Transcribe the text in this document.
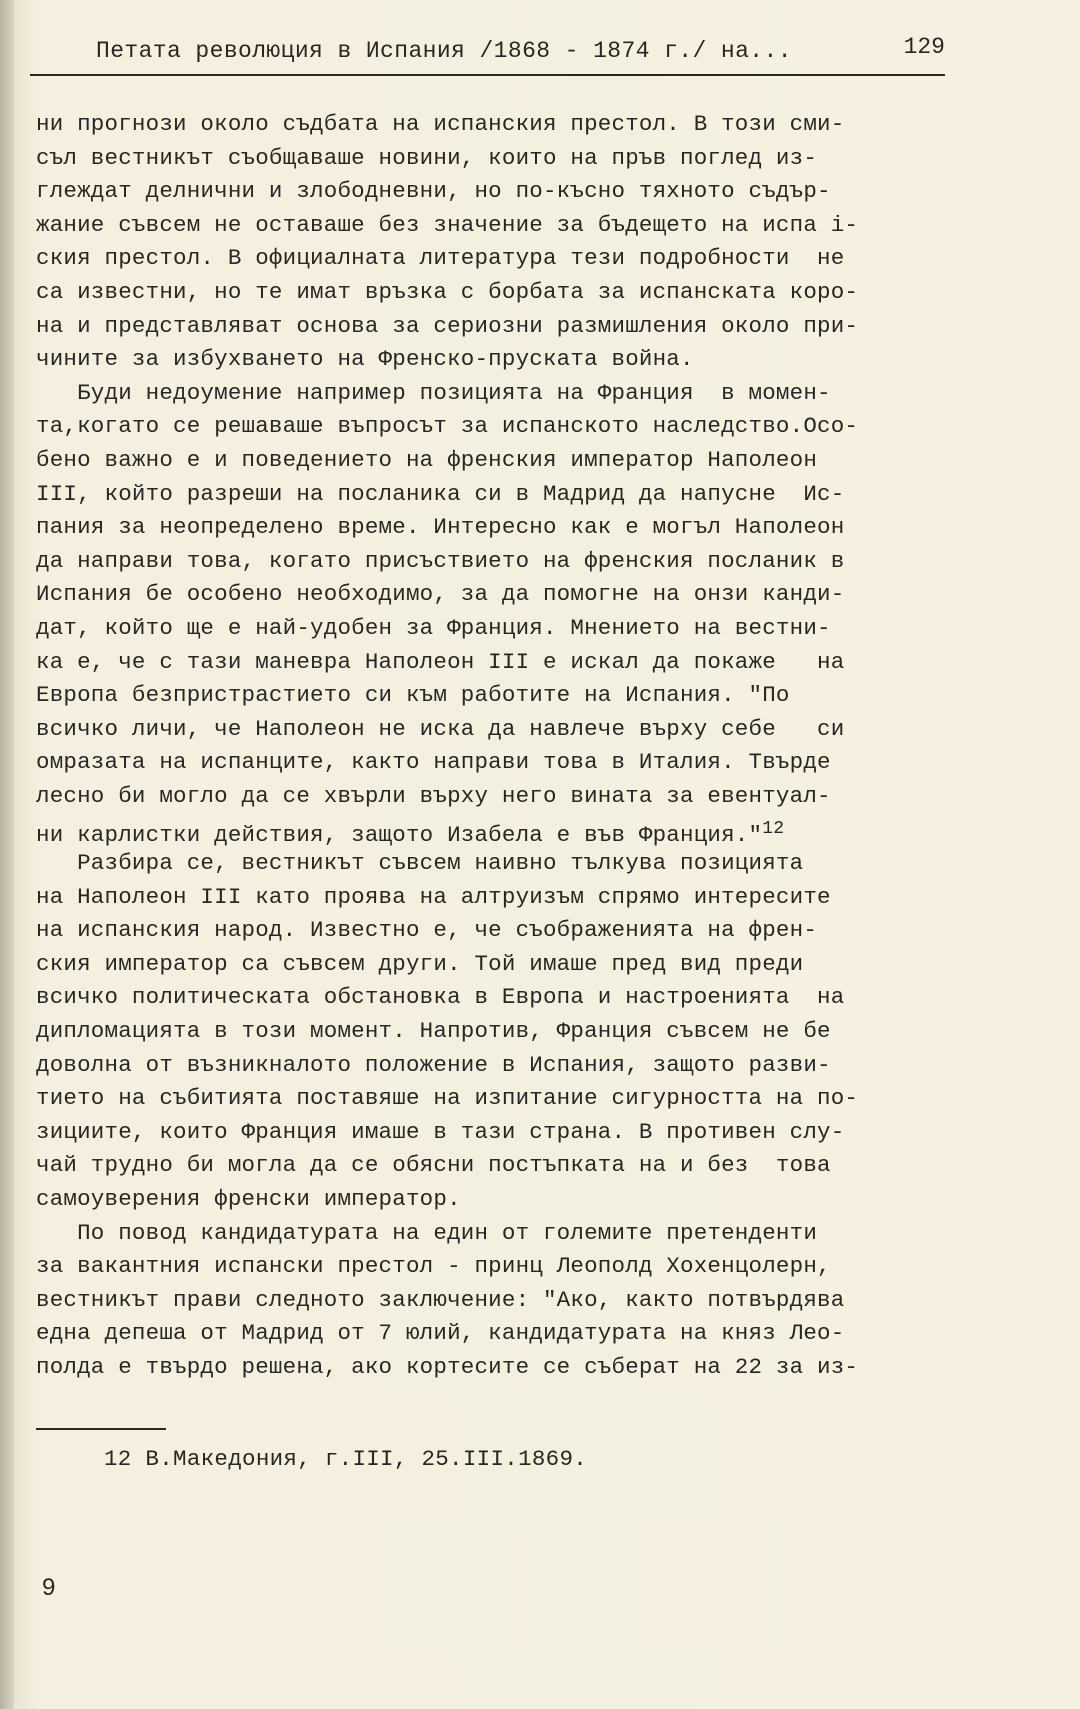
Петата революция в Испания /1868 - 1874 г./ на...	129
ни прогнози около съдбата на испанския престол. В този сми-
съл вестникът съобщаваше новини, които на пръв поглед из-
глеждат делнични и злободневни, но по-късно тяхното съдър-
жание съвсем не оставаше без значение за бъдещето на испа і-
ския престол. В официалната литература тези подробности  не
са известни, но те имат връзка с борбата за испанската коро-
на и представляват основа за сериозни размишления около при-
чините за избухването на Френско-пруската война.
Буди недоумение например позицията на Франция  в момен-
та,когато се решаваше въпросът за испанското наследство.Осо-
бено важно е и поведението на френския император Наполеон
III, който разреши на посланика си в Мадрид да напусне  Ис-
пания за неопределено време. Интересно как е могъл Наполеон
да направи това, когато присъствието на френския посланик в
Испания бе особено необходимо, за да помогне на онзи канди-
дат, който ще е най-удобен за Франция. Мнението на вестни-
ка е, че с тази маневра Наполеон III е искал да покаже   на
Европа безпристрастието си към работите на Испания. "По
всичко личи, че Наполеон не иска да навлече върху себе   си
омразата на испанците, както направи това в Италия. Твърде
лесно би могло да се хвърли върху него вината за евентуал-
ни карлистки действия, защото Изабела е във Франция."$^{12}$
Разбира се, вестникът съвсем наивно тълкува позицията
на Наполеон III като проява на алтруизъм спрямо интересите
на испанския народ. Известно е, че съображенията на френ-
ския император са съвсем други. Той имаше пред вид преди
всичко политическата обстановка в Европа и настроенията  на
дипломацията в този момент. Напротив, Франция съвсем не бе
доволна от възникналото положение в Испания, защото разви-
тието на събитията поставяше на изпитание сигурността на по-
зициите, които Франция имаше в тази страна. В противен слу-
чай трудно би могла да се обясни постъпката на и без  това
самоуверения френски император.
По повод кандидатурата на един от големите претенденти
за вакантния испански престол - принц Леополд Хохенцолерн,
вестникът прави следното заключение: "Ако, както потвърдява
една депеша от Мадрид от 7 юлий, кандидатурата на княз Лео-
полда е твърдо решена, ако кортесите се съберат на 22 за из-
12 В.Македония, г.III, 25.III.1869.
9
